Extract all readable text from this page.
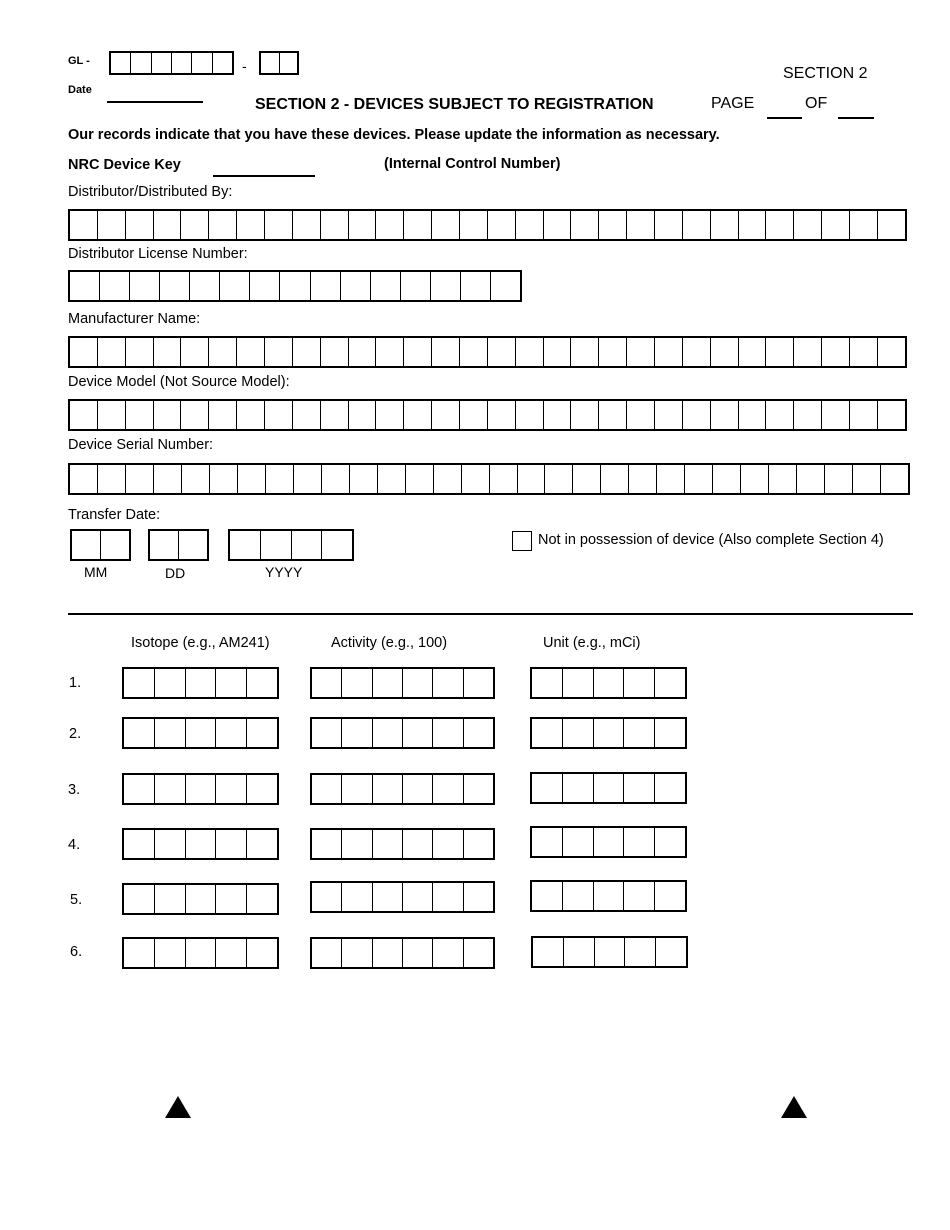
GL -	-
Date
SECTION 2
SECTION 2 - DEVICES SUBJECT TO REGISTRATION	PAGE	OF
Our records indicate that you have these devices. Please update the information as necessary.
NRC Device Key	(Internal Control Number)
Distributor/Distributed By:
Distributor License Number:
Manufacturer Name:
Device Model (Not Source Model):
Device Serial Number:
Transfer Date:
MM	DD	YYYY
Not in possession of device (Also complete Section 4)
Isotope (e.g., AM241)	Activity (e.g., 100)	Unit (e.g., mCi)
1.
2.
3.
4.
5.
6.
